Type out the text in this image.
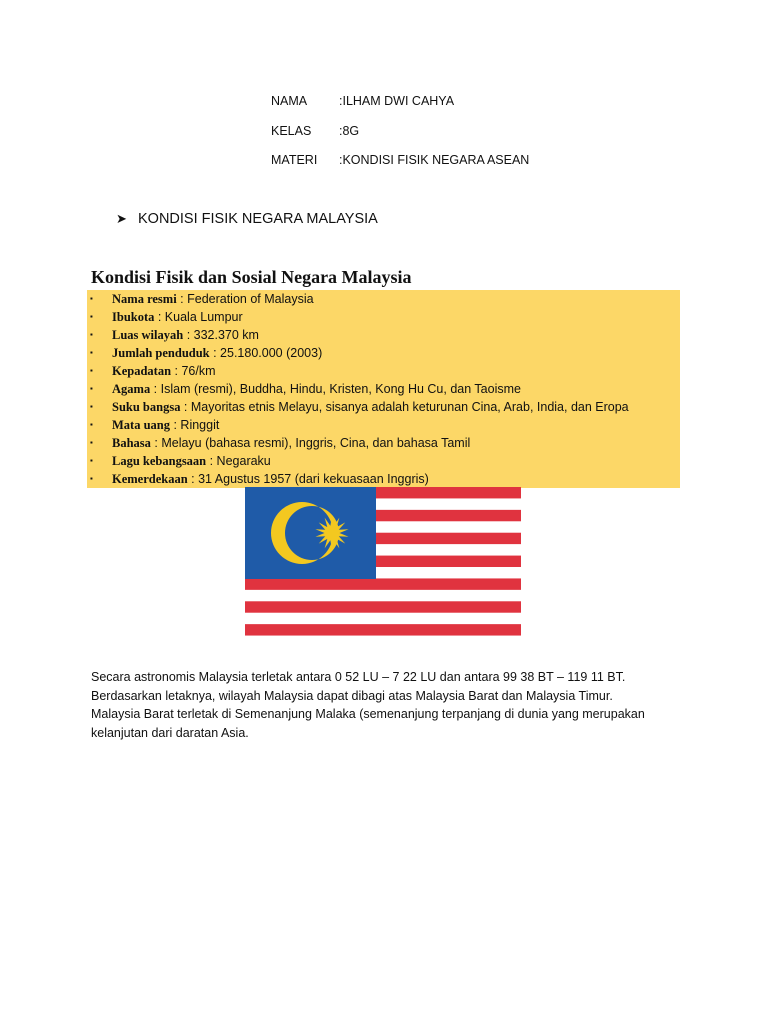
NAMA	:ILHAM DWI CAHYA
KELAS :8G
MATERI :KONDISI FISIK NEGARA ASEAN
➤ KONDISI FISIK NEGARA MALAYSIA
Kondisi Fisik dan Sosial Negara Malaysia
▪ Nama resmi : Federation of Malaysia
▪ Ibukota : Kuala Lumpur
▪ Luas wilayah : 332.370 km
▪ Jumlah penduduk : 25.180.000 (2003)
▪ Kepadatan : 76/km
▪ Agama : Islam (resmi), Buddha, Hindu, Kristen, Kong Hu Cu, dan Taoisme
▪ Suku bangsa : Mayoritas etnis Melayu, sisanya adalah keturunan Cina, Arab, India, dan Eropa
▪ Mata uang : Ringgit
▪ Bahasa : Melayu (bahasa resmi), Inggris, Cina, dan bahasa Tamil
▪ Lagu kebangsaan : Negaraku
▪ Kemerdekaan : 31 Agustus 1957 (dari kekuasaan Inggris)

Secara astronomis Malaysia terletak antara 0 52 LU – 7 22 LU dan antara 99 38 BT – 119 11 BT.

Berdasarkan letaknya, wilayah Malaysia dapat dibagi atas Malaysia Barat dan Malaysia Timur.

Malaysia Barat terletak di Semenanjung Malaka (semenanjung terpanjang di dunia yang merupakan

kelanjutan dari daratan Asia.
